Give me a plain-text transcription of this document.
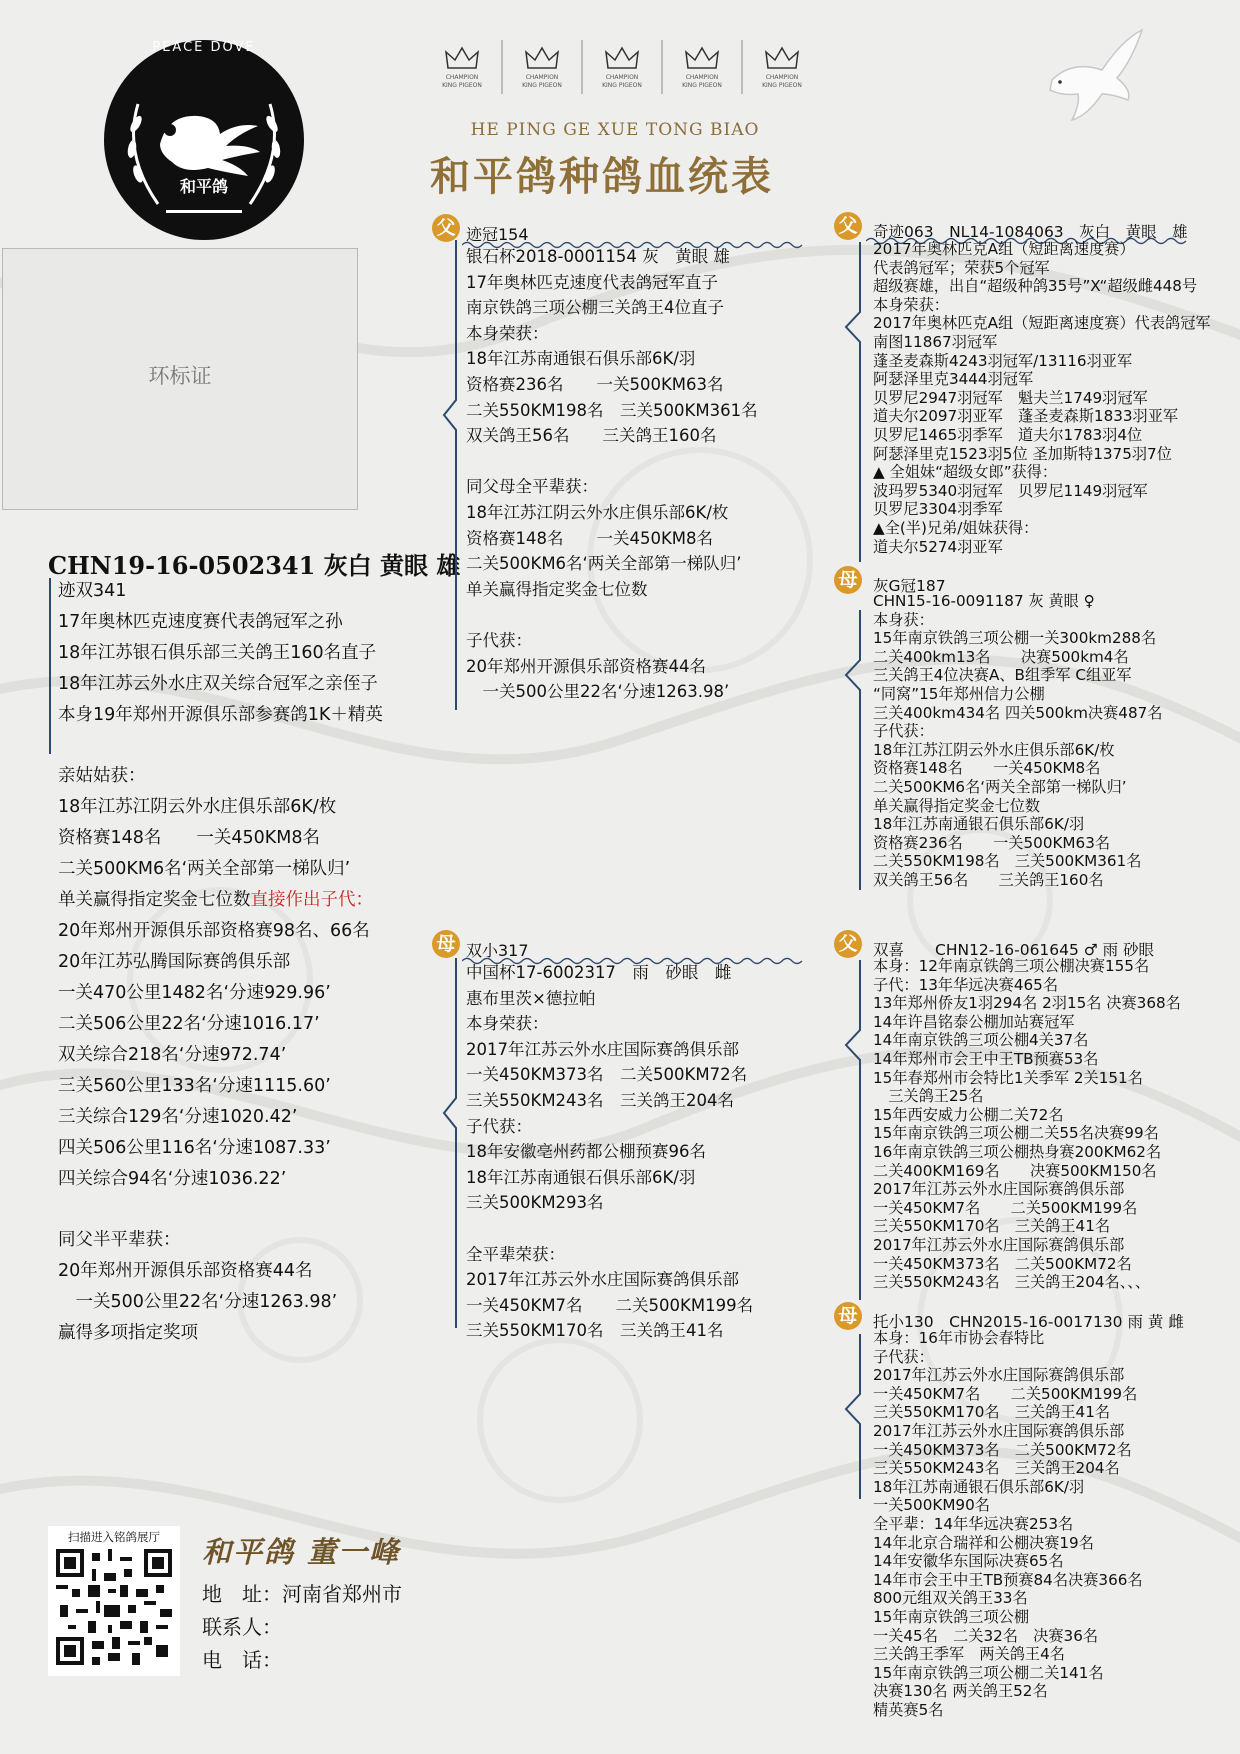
PEACE DOVE
和平鸽
CHAMPION
KING PIGEON
CHAMPION
KING PIGEON
CHAMPION
KING PIGEON
CHAMPION
KING PIGEON
CHAMPION
KING PIGEON
HE PING GE XUE TONG BIAO
和平鸽种鸽血统表
环标证
CHN19-16-0502341 灰白 黄眼 雄
迹双341
17年奥林匹克速度赛代表鸽冠军之孙
18年江苏银石俱乐部三关鸽王160名直子
18年江苏云外水庄双关综合冠军之亲侄子
本身19年郑州开源俱乐部参赛鸽1K＋精英
亲姑姑获：
18年江苏江阴云外水庄俱乐部6K/枚
资格赛148名　　一关450KM8名
二关500KM6名‘两关全部第一梯队归’
单关赢得指定奖金七位数直接作出子代：
20年郑州开源俱乐部资格赛98名、66名
20年江苏弘腾国际赛鸽俱乐部
一关470公里1482名‘分速929.96’
二关506公里22名‘分速1016.17’
双关综合218名‘分速972.74’
三关560公里133名‘分速1115.60’
三关综合129名‘分速1020.42’
四关506公里116名‘分速1087.33’
四关综合94名‘分速1036.22’
同父半平辈获：
20年郑州开源俱乐部资格赛44名
　一关500公里22名‘分速1263.98’
赢得多项指定奖项
父 迹冠154
银石杯2018-0001154 灰　黄眼 雄
17年奥林匹克速度代表鸽冠军直子
南京铁鸽三项公棚三关鸽王4位直子
本身荣获：
18年江苏南通银石俱乐部6K/羽
资格赛236名　　一关500KM63名
二关550KM198名　三关500KM361名
双关鸽王56名　　三关鸽王160名

同父母全平辈获：
18年江苏江阴云外水庄俱乐部6K/枚
资格赛148名　　一关450KM8名
二关500KM6名‘两关全部第一梯队归’
单关赢得指定奖金七位数

子代获：
20年郑州开源俱乐部资格赛44名
　一关500公里22名‘分速1263.98’
母 双小317
中国杯17-6002317　雨　砂眼　雌
惠布里茨×德拉帕
本身荣获：
2017年江苏云外水庄国际赛鸽俱乐部
一关450KM373名　二关500KM72名
三关550KM243名　三关鸽王204名
子代获：
18年安徽亳州药都公棚预赛96名
18年江苏南通银石俱乐部6K/羽
三关500KM293名

全平辈荣获：
2017年江苏云外水庄国际赛鸽俱乐部
一关450KM7名　　二关500KM199名
三关550KM170名　三关鸽王41名
父 奇迹063　NL14-1084063　灰白　黄眼　雄
2017年奥林匹克A组（短距离速度赛）
代表鸽冠军；荣获5个冠军
超级赛雄，出自“超级种鸽35号”X“超级雌448号
本身荣获：
2017年奥林匹克A组（短距离速度赛）代表鸽冠军
南图11867羽冠军
蓬圣麦森斯4243羽冠军/13116羽亚军
阿瑟泽里克3444羽冠军
贝罗尼2947羽冠军　魁夫兰1749羽冠军
道夫尔2097羽亚军　蓬圣麦森斯1833羽亚军
贝罗尼1465羽季军　道夫尔1783羽4位
阿瑟泽里克1523羽5位 圣加斯特1375羽7位
▲ 全姐妹“超级女郎”获得：
波玛罗5340羽冠军　贝罗尼1149羽冠军
贝罗尼3304羽季军
▲全(半)兄弟/姐妹获得：
道夫尔5274羽亚军
母 灰G冠187
CHN15-16-0091187 灰 黄眼 ♀
本身获：
15年南京铁鸽三项公棚一关300km288名
二关400km13名　　决赛500km4名
三关鸽王4位决赛A、B组季军 C组亚军
“同窝”15年郑州信力公棚
三关400km434名 四关500km决赛487名
子代获：
18年江苏江阴云外水庄俱乐部6K/枚
资格赛148名　　一关450KM8名
二关500KM6名‘两关全部第一梯队归’
单关赢得指定奖金七位数
18年江苏南通银石俱乐部6K/羽
资格赛236名　　一关500KM63名
二关550KM198名　三关500KM361名
双关鸽王56名　　三关鸽王160名
父 双喜　　CHN12-16-061645 ♂ 雨 砂眼
本身：12年南京铁鸽三项公棚决赛155名
子代：13年华远决赛465名
13年郑州侨友1羽294名 2羽15名 决赛368名
14年许昌铭泰公棚加站赛冠军
14年南京铁鸽三项公棚4关37名
14年郑州市会王中王TB预赛53名
15年春郑州市会特比1关季军 2关151名
　三关鸽王25名
15年西安威力公棚二关72名
15年南京铁鸽三项公棚二关55名决赛99名
16年南京铁鸽三项公棚热身赛200KM62名
二关400KM169名　　决赛500KM150名
2017年江苏云外水庄国际赛鸽俱乐部
一关450KM7名　　二关500KM199名
三关550KM170名　三关鸽王41名
2017年江苏云外水庄国际赛鸽俱乐部
一关450KM373名　二关500KM72名
三关550KM243名　三关鸽王204名、、、
母 托小130　CHN2015-16-0017130 雨 黄 雌
本身：16年市协会春特比
子代获：
2017年江苏云外水庄国际赛鸽俱乐部
一关450KM7名　　二关500KM199名
三关550KM170名　三关鸽王41名
2017年江苏云外水庄国际赛鸽俱乐部
一关450KM373名　二关500KM72名
三关550KM243名　三关鸽王204名
18年江苏南通银石俱乐部6K/羽
一关500KM90名
全平辈：14年华远决赛253名
14年北京合瑞祥和公棚决赛19名
14年安徽华东国际决赛65名
14年市会王中王TB预赛84名决赛366名
800元组双关鸽王33名
15年南京铁鸽三项公棚
一关45名　二关32名　决赛36名
三关鸽王季军　两关鸽王4名
15年南京铁鸽三项公棚二关141名
决赛130名 两关鸽王52名
精英赛5名
扫描进入铭鸽展厅	和平鸽 董一峰
地　址：河南省郑州市
联系人：
电　话：
